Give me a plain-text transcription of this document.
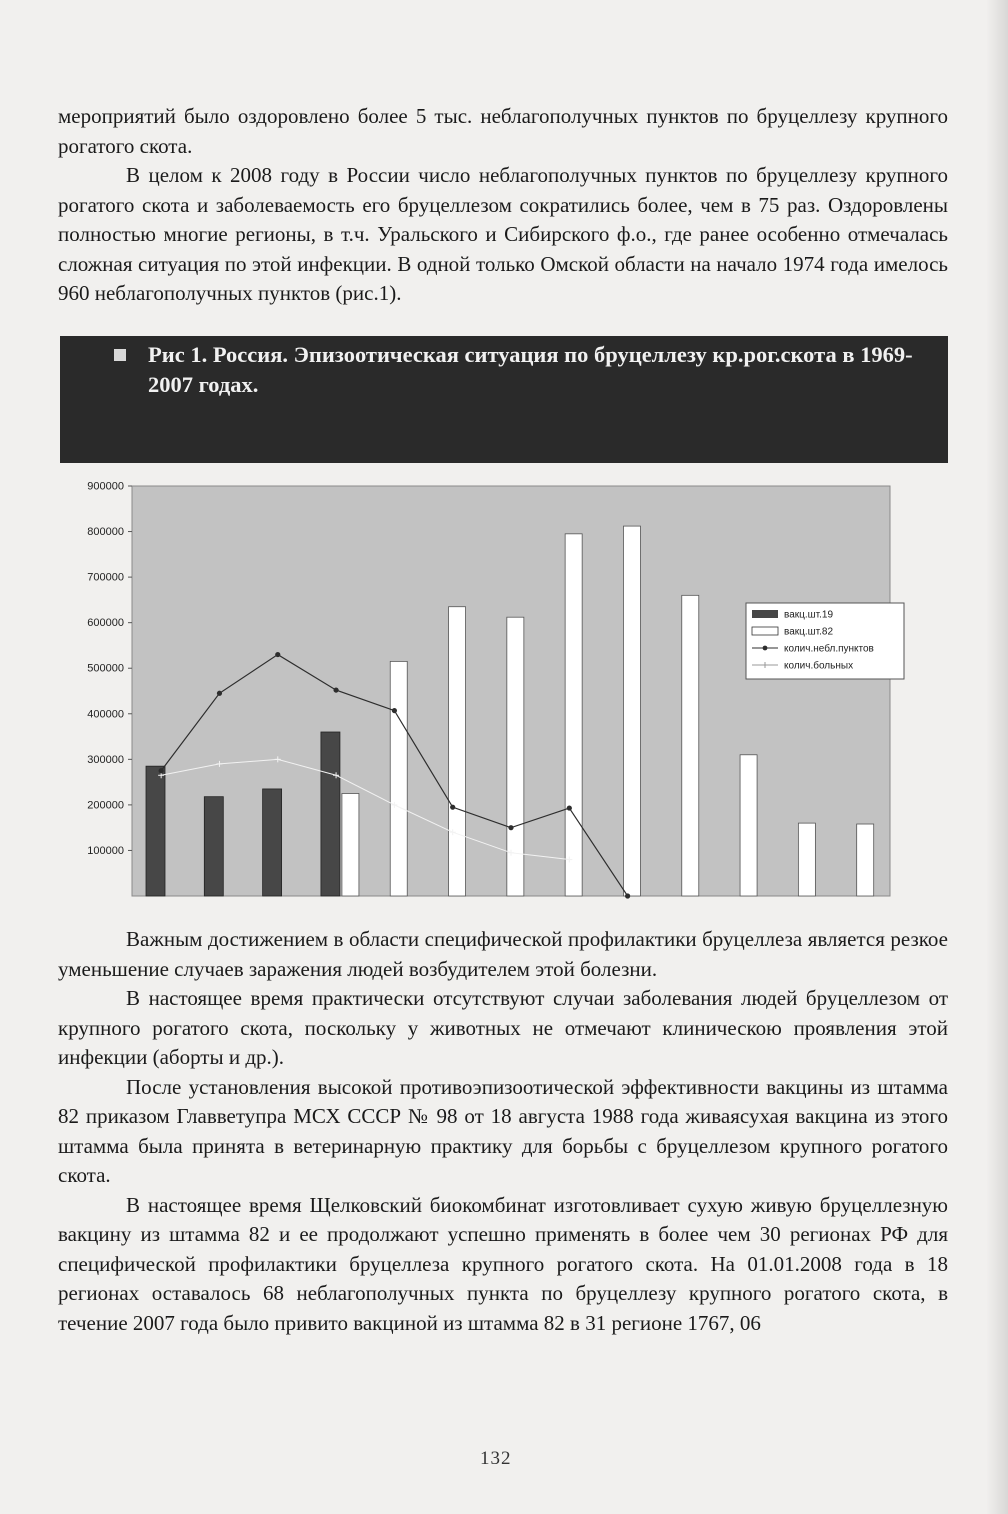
мероприятий было оздоровлено более 5 тыс. неблагополучных пунктов по бруцеллезу крупного рогатого скота.

В целом к 2008 году в России число неблагополучных пунктов по бруцеллезу крупного рогатого скота и заболеваемость его бруцеллезом сократились более, чем в 75 раз. Оздоровлены полностью многие регионы, в т.ч. Уральского и Сибирского ф.о., где ранее особенно отмечалась сложная ситуация по этой инфекции. В одной только Омской области на начало 1974 года имелось 960 неблагополучных пунктов (рис.1).

Рис 1. Россия. Эпизоотическая ситуация по бруцеллезу кр.рог.скота в 1969-2007 годах.
100000
200000
300000
400000
500000
600000
700000
800000
900000
вакц.шт.19
вакц.шт.82
колич.небл.пунктов
колич.больных

Важным достижением в области специфической профилактики бруцеллеза является резкое уменьшение случаев заражения людей возбудителем этой болезни.

В настоящее время практически отсутствуют случаи заболевания людей бруцеллезом от крупного рогатого скота, поскольку у животных не отмечают клиническою проявления этой инфекции (аборты и др.).

После установления высокой противоэпизоотической эффективности вакцины из штамма 82 приказом Главветупра МСХ СССР № 98 от 18 августа 1988 года живаясухая вакцина из этого штамма была принята в ветеринарную практику для борьбы с бруцеллезом крупного рогатого скота.

В настоящее время Щелковский биокомбинат изготовливает сухую живую бруцеллезную вакцину из штамма 82 и ее продолжают успешно применять в более чем 30 регионах РФ для специфической профилактики бруцеллеза крупного рогатого скота. На 01.01.2008 года в 18 регионах оставалось 68 неблагополучных пункта по бруцеллезу крупного рогатого скота, в течение 2007 года было привито вакциной из штамма 82 в 31 регионе 1767, 06

132
